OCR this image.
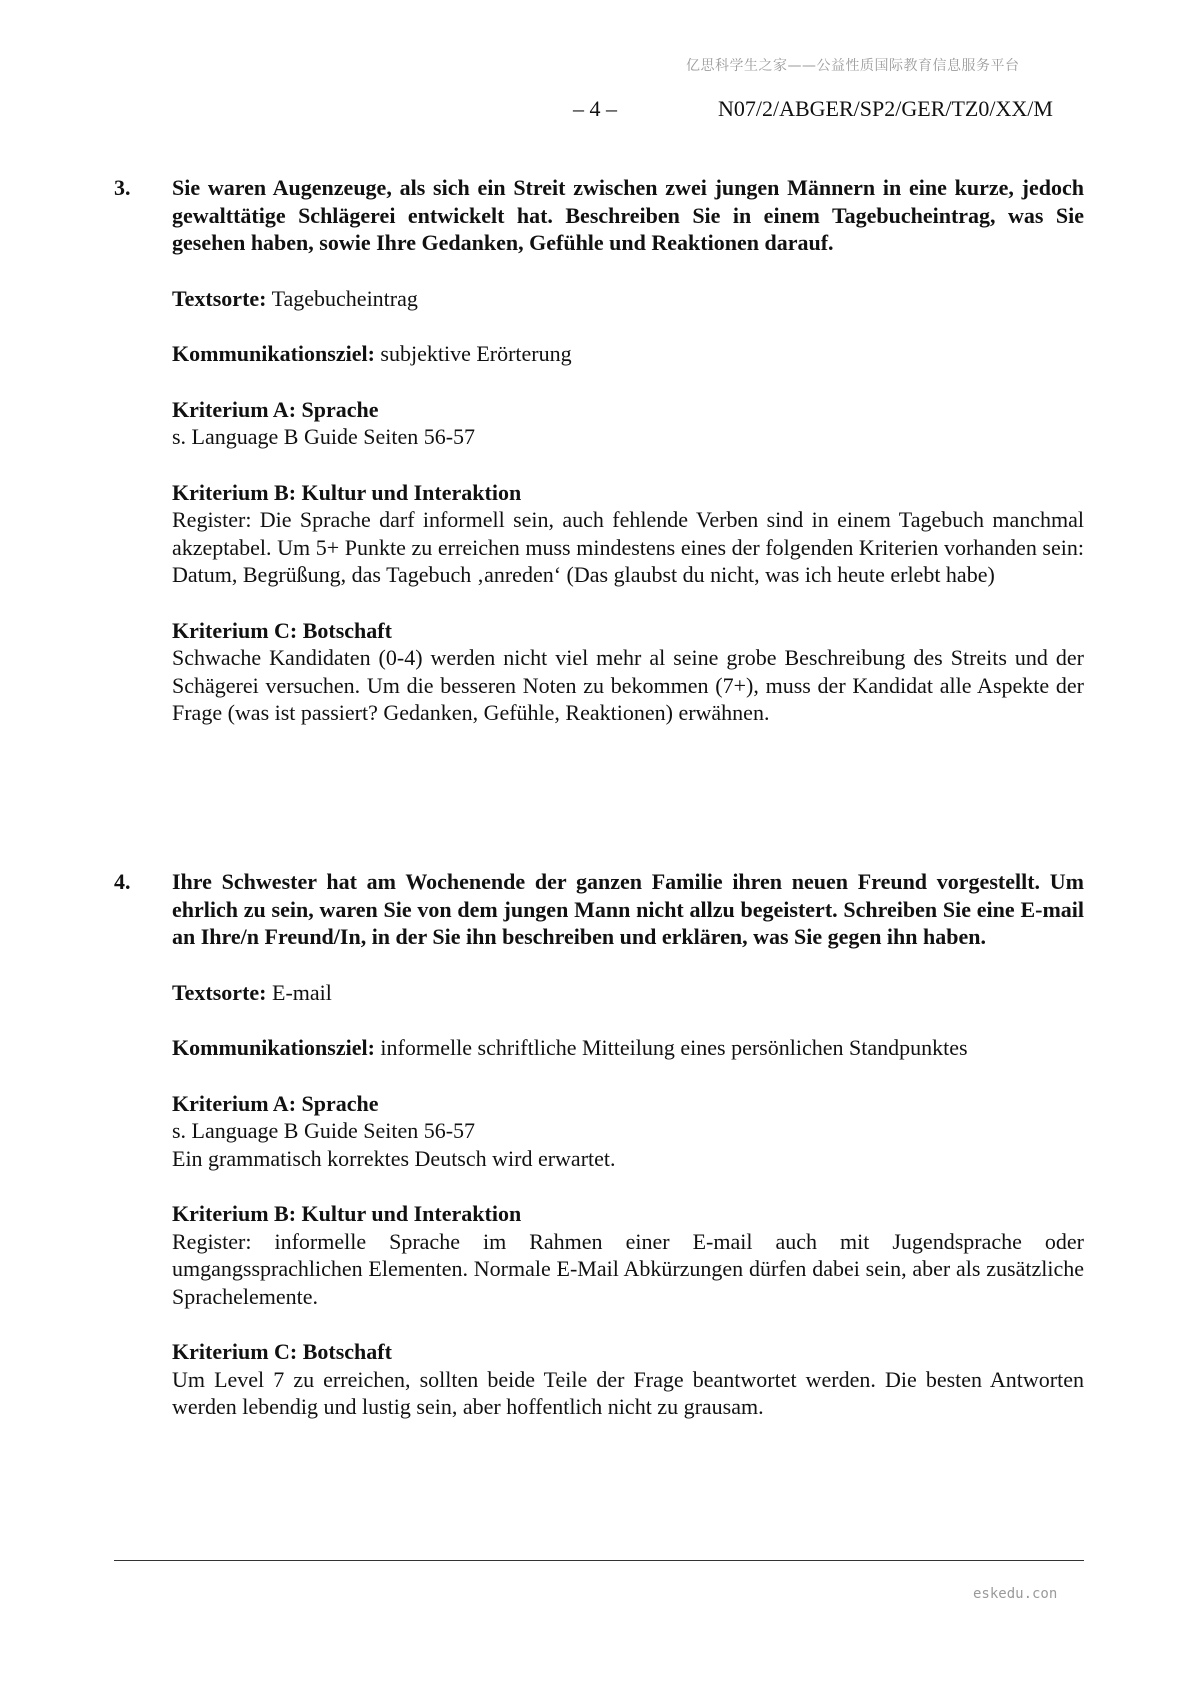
亿思科学生之家——公益性质国际教育信息服务平台
– 4 –	N07/2/ABGER/SP2/GER/TZ0/XX/M
3.	Sie waren Augenzeuge, als sich ein Streit zwischen zwei jungen Männern in eine kurze, jedoch gewalttätige Schlägerei entwickelt hat. Beschreiben Sie in einem Tagebucheintrag, was Sie gesehen haben, sowie Ihre Gedanken, Gefühle und Reaktionen darauf.
Textsorte: Tagebucheintrag
Kommunikationsziel: subjektive Erörterung
Kriterium A: Sprache
s. Language B Guide Seiten 56-57
Kriterium B: Kultur und Interaktion
Register: Die Sprache darf informell sein, auch fehlende Verben sind in einem Tagebuch manchmal akzeptabel. Um 5+ Punkte zu erreichen muss mindestens eines der folgenden Kriterien vorhanden sein: Datum, Begrüßung, das Tagebuch ‚anreden‘ (Das glaubst du nicht, was ich heute erlebt habe)
Kriterium C: Botschaft
Schwache Kandidaten (0-4) werden nicht viel mehr al seine grobe Beschreibung des Streits und der Schägerei versuchen. Um die besseren Noten zu bekommen (7+), muss der Kandidat alle Aspekte der Frage (was ist passiert? Gedanken, Gefühle, Reaktionen) erwähnen.
4.	Ihre Schwester hat am Wochenende der ganzen Familie ihren neuen Freund vorgestellt. Um ehrlich zu sein, waren Sie von dem jungen Mann nicht allzu begeistert. Schreiben Sie eine E-mail an Ihre/n Freund/In, in der Sie ihn beschreiben und erklären, was Sie gegen ihn haben.
Textsorte: E-mail
Kommunikationsziel: informelle schriftliche Mitteilung eines persönlichen Standpunktes
Kriterium A: Sprache
s. Language B Guide Seiten 56-57
Ein grammatisch korrektes Deutsch wird erwartet.
Kriterium B: Kultur und Interaktion
Register: informelle Sprache im Rahmen einer E-mail auch mit Jugendsprache oder umgangssprachlichen Elementen. Normale E-Mail Abkürzungen dürfen dabei sein, aber als zusätzliche Sprachelemente.
Kriterium C: Botschaft
Um Level 7 zu erreichen, sollten beide Teile der Frage beantwortet werden. Die besten Antworten werden lebendig und lustig sein, aber hoffentlich nicht zu grausam.
eskedu.con
